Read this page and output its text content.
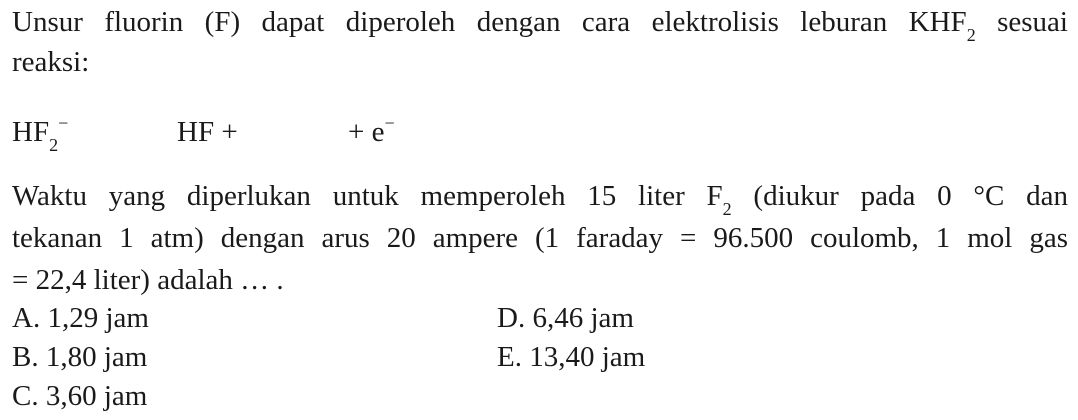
Unsur fluorin (F) dapat diperoleh dengan cara elektrolisis leburan $KHF_2$ sesuai
reaksi:
$HF_2^-$	HF +	+ e−
Waktu yang diperlukan untuk memperoleh 15 liter $F_2$ (diukur pada 0 °C dan
tekanan 1 atm) dengan arus 20 ampere (1 faraday = 96.500 coulomb, 1 mol gas
= 22,4 liter) adalah … .
A. 1,29 jam
B. 1,80 jam
C. 3,60 jam
D. 6,46 jam
E. 13,40 jam
